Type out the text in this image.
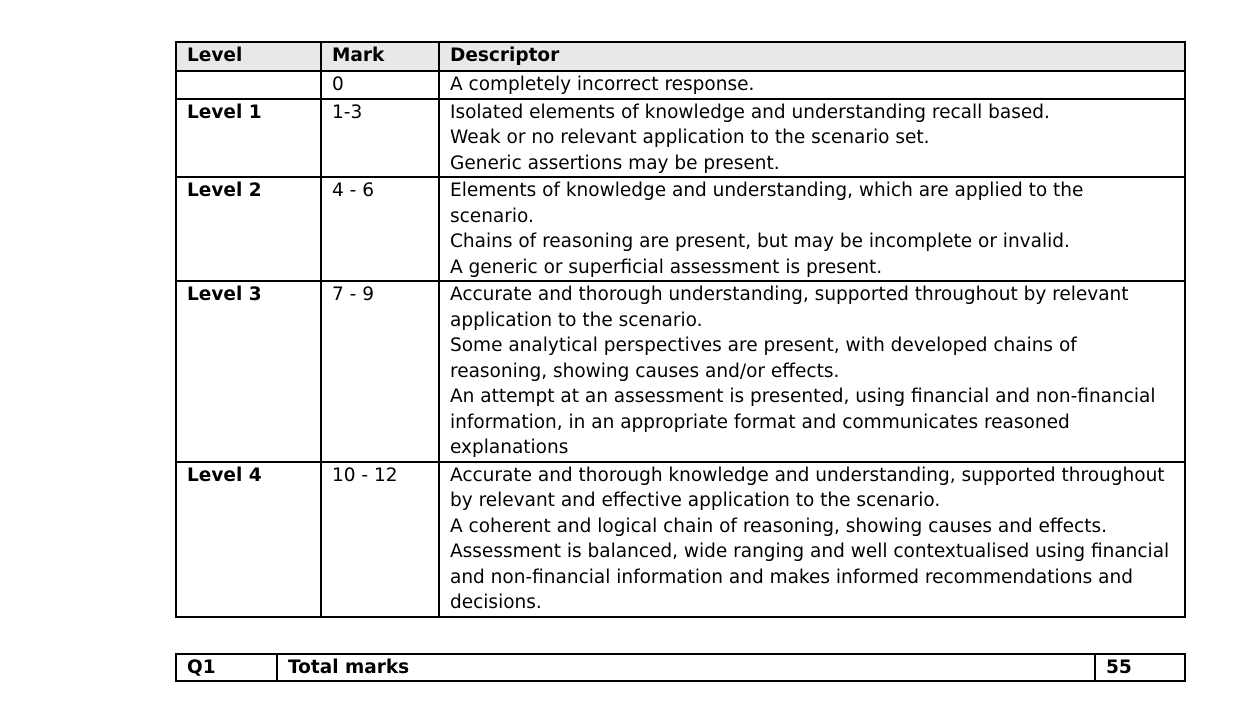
Level	Mark	Descriptor
	0	A completely incorrect response.

Level 1	1-3	Isolated elements of knowledge and understanding recall based.
Weak or no relevant application to the scenario set.
Generic assertions may be present.

Level 2	4 - 6	Elements of knowledge and understanding, which are applied to the scenario.
Chains of reasoning are present, but may be incomplete or invalid.
A generic or superficial assessment is present.

Level 3	7 - 9	Accurate and thorough understanding, supported throughout by relevant application to the scenario.
Some analytical perspectives are present, with developed chains of reasoning, showing causes and/or effects.
An attempt at an assessment is presented, using financial and non-financial information, in an appropriate format and communicates reasoned explanations

Level 4	10 - 12	Accurate and thorough knowledge and understanding, supported throughout by relevant and effective application to the scenario.
A coherent and logical chain of reasoning, showing causes and effects.
Assessment is balanced, wide ranging and well contextualised using financial and non-financial information and makes informed recommendations and decisions.
Q1	Total marks	55
